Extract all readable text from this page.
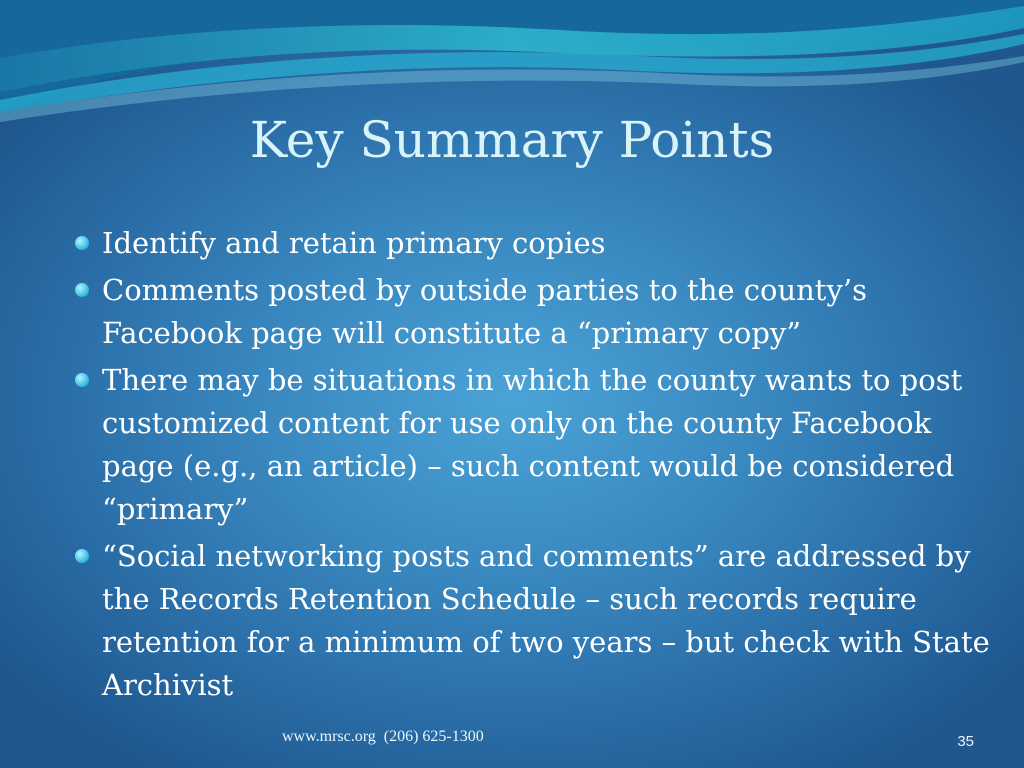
Key Summary Points
Identify and retain primary copies
Comments posted by outside parties to the county’s Facebook page will constitute a “primary copy”
There may be situations in which the county wants to post customized content for use only on the county Facebook page (e.g., an article) – such content would be considered “primary”
“Social networking posts and comments” are addressed by the Records Retention Schedule – such records require retention for a minimum of two years – but check with State Archivist
www.mrsc.org  (206) 625-1300	35
